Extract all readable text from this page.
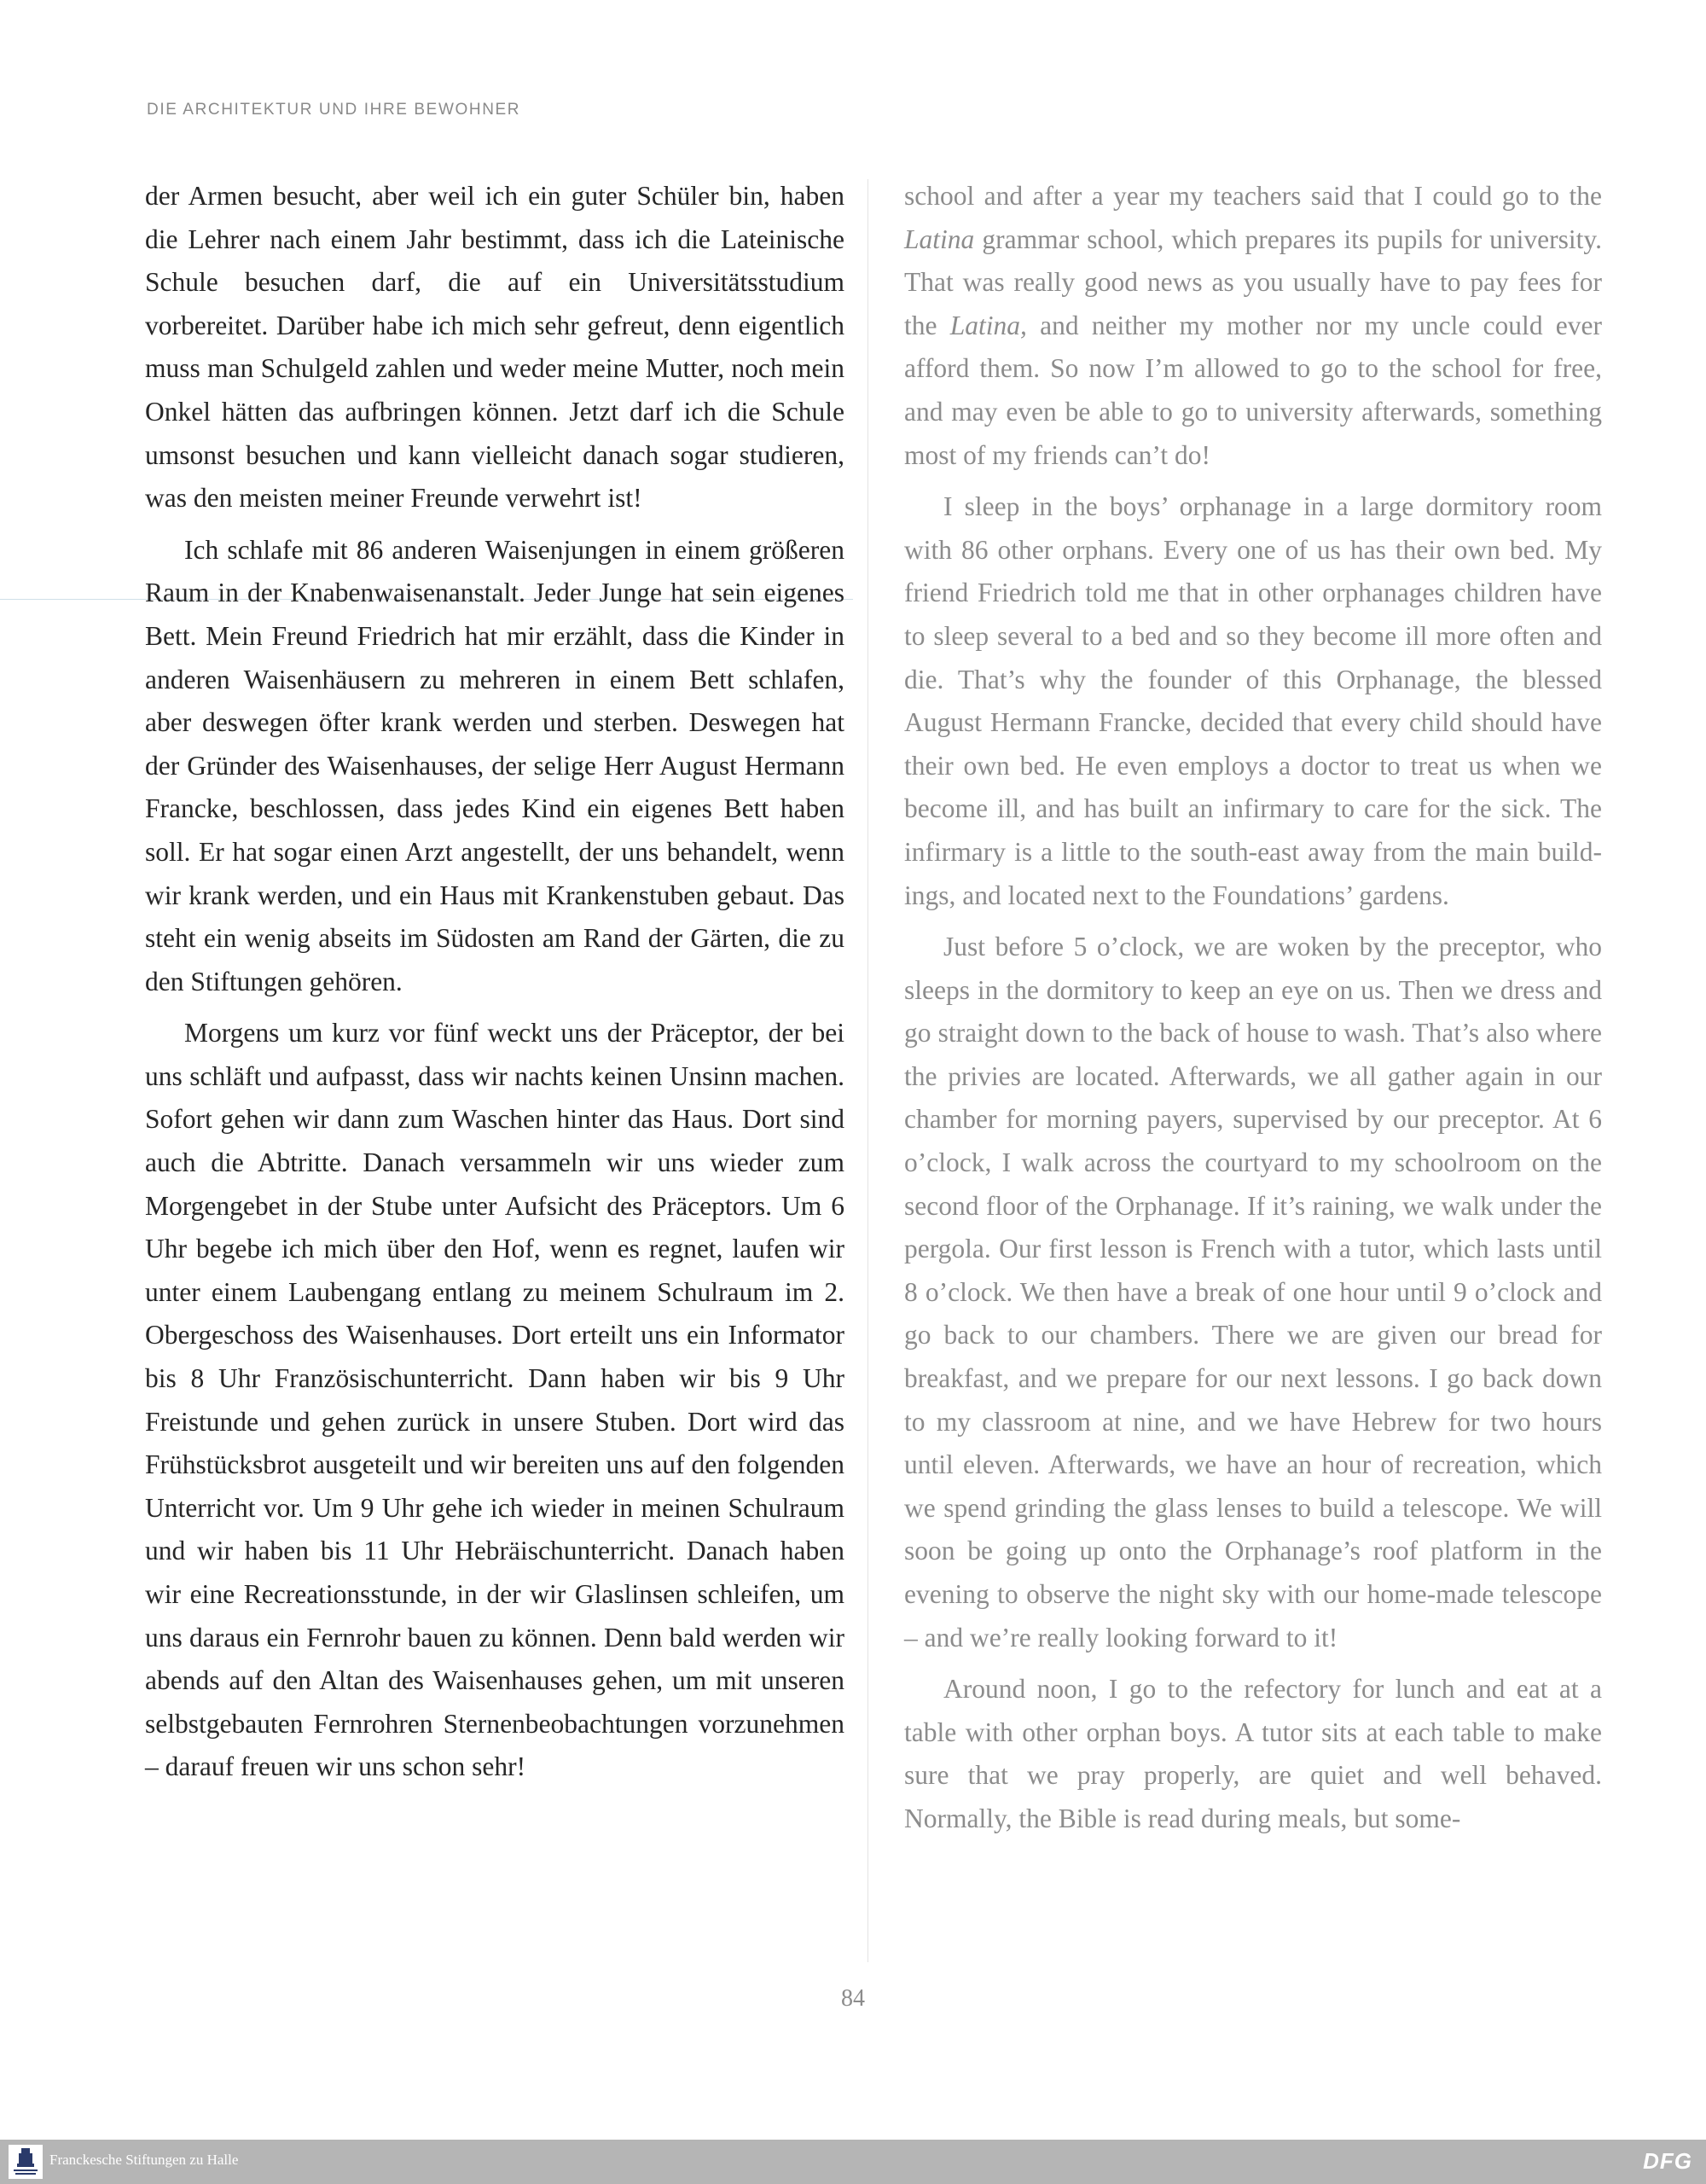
DIE ARCHITEKTUR UND IHRE BEWOHNER

der Armen besucht, aber weil ich ein guter Schüler bin, haben die Lehrer nach einem Jahr bestimmt, dass ich die Lateinische Schule besuchen darf, die auf ein Universitätsstudium vorbereitet. Darüber habe ich mich sehr gefreut, denn eigentlich muss man Schulgeld zahlen und weder meine Mutter, noch mein Onkel hätten das aufbringen können. Jetzt darf ich die Schule umsonst besuchen und kann vielleicht danach sogar studieren, was den meisten meiner Freunde verwehrt ist!

Ich schlafe mit 86 anderen Waisenjungen in einem größeren Raum in der Knabenwaisenanstalt. Jeder Junge hat sein eigenes Bett. Mein Freund Friedrich hat mir erzählt, dass die Kinder in anderen Waisenhäusern zu mehreren in einem Bett schlafen, aber deswegen öfter krank werden und sterben. Deswegen hat der Gründer des Waisenhauses, der selige Herr August Hermann Francke, beschlossen, dass jedes Kind ein eigenes Bett haben soll. Er hat sogar einen Arzt angestellt, der uns behandelt, wenn wir krank werden, und ein Haus mit Krankenstuben gebaut. Das steht ein wenig abseits im Südosten am Rand der Gärten, die zu den Stiftungen gehören.

Morgens um kurz vor fünf weckt uns der Präceptor, der bei uns schläft und aufpasst, dass wir nachts keinen Unsinn machen. Sofort gehen wir dann zum Waschen hinter das Haus. Dort sind auch die Abtritte. Danach versammeln wir uns wieder zum Morgengebet in der Stube unter Aufsicht des Präceptors. Um 6 Uhr begebe ich mich über den Hof, wenn es regnet, laufen wir unter einem Laubengang entlang zu meinem Schulraum im 2. Obergeschoss des Waisenhauses. Dort erteilt uns ein Informator bis 8 Uhr Französischunterricht. Dann haben wir bis 9 Uhr Freistunde und gehen zurück in unsere Stuben. Dort wird das Frühstücksbrot ausgeteilt und wir bereiten uns auf den folgenden Unterricht vor. Um 9 Uhr gehe ich wieder in meinen Schulraum und wir haben bis 11 Uhr Hebräischunterricht. Danach haben wir eine Recreationsstunde, in der wir Glaslinsen schleifen, um uns daraus ein Fernrohr bauen zu können. Denn bald werden wir abends auf den Altan des Waisenhauses gehen, um mit unseren selbstgebauten Fernrohren Sternenbeobachtungen vorzunehmen – darauf freuen wir uns schon sehr!

school and after a year my teachers said that I could go to the Latina grammar school, which prepares its pupils for university. That was really good news as you usually have to pay fees for the Latina, and neither my mother nor my uncle could ever afford them. So now I’m allowed to go to the school for free, and may even be able to go to university afterwards, something most of my friends can’t do!

I sleep in the boys’ orphanage in a large dormitory room with 86 other orphans. Every one of us has their own bed. My friend Friedrich told me that in other orphanages children have to sleep several to a bed and so they become ill more often and die. That’s why the founder of this Orphanage, the blessed August Hermann Francke, decided that every child should have their own bed. He even employs a doctor to treat us when we become ill, and has built an infirmary to care for the sick. The infirmary is a little to the south-east away from the main buildings, and located next to the Foundations’ gardens.

Just before 5 o’clock, we are woken by the preceptor, who sleeps in the dormitory to keep an eye on us. Then we dress and go straight down to the back of house to wash. That’s also where the privies are located. Afterwards, we all gather again in our chamber for morning payers, supervised by our preceptor. At 6 o’clock, I walk across the courtyard to my schoolroom on the second floor of the Orphanage. If it’s raining, we walk under the pergola. Our first lesson is French with a tutor, which lasts until 8 o’clock. We then have a break of one hour until 9 o’clock and go back to our chambers. There we are given our bread for breakfast, and we prepare for our next lessons. I go back down to my classroom at nine, and we have Hebrew for two hours until eleven. Afterwards, we have an hour of recreation, which we spend grinding the glass lenses to build a telescope. We will soon be going up onto the Orphanage’s roof platform in the evening to observe the night sky with our home-made telescope – and we’re really looking forward to it!

Around noon, I go to the refectory for lunch and eat at a table with other orphan boys. A tutor sits at each table to make sure that we pray properly, are quiet and well behaved. Normally, the Bible is read during meals, but some-

84
Franckesche Stiftungen zu Halle	DFG
